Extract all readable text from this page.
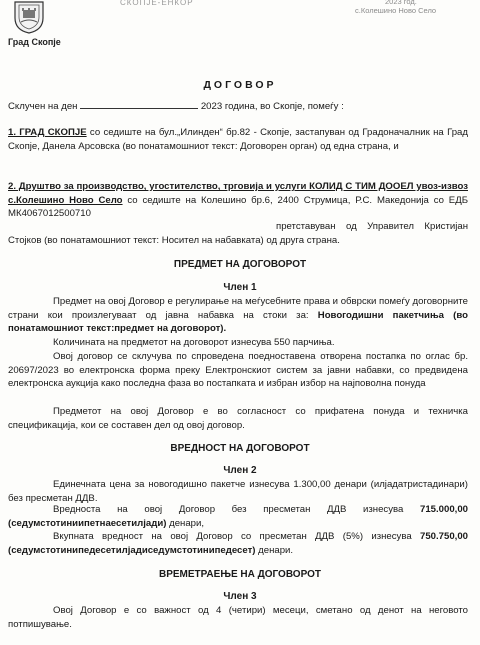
Град Скопје
СКОПЈЕ-ЕНКОР	2023 год.
с.Колешино Ново Село
ДОГОВОР
Склучен на ден	2023 година, во Скопје, помеѓу :
1. ГРАД СКОПЈЕ со седиште на бул.„Илинден“ бр.82 - Скопје, застапуван од Градоначалник на Град Скопје, Данела Арсовска (во понатамошниот текст: Договорен орган) од една страна, и
2. Друштво за производство, угостителство, трговија и услуги КОЛИД С ТИМ ДООЕЛ увоз-извоз с.Колешино Ново Село со седиште на Колешино бр.6, 2400 Струмица, Р.С. Македонија со ЕДБ МК4067012500710
претставуван од Управител Кристијан Стојков (во понатамошниот текст: Носител на набавката) од друга страна.
ПРЕДМЕТ НА ДОГОВОРОТ
Член 1
Предмет на овој Договор е регулирање на меѓусебните права и обврски помеѓу договорните страни кои произлегуваат од јавна набавка на стоки за: Новогодишни пакетчиња (во понатамошниот текст:предмет на договорот).
Количината на предметот на договорот изнесува 550 парчиња.
Овој договор се склучува по спроведена поедноставена отворена постапка по оглас бр. 20697/2023 во електронска форма преку Електронскиот систем за јавни набавки, со предвидена електронска аукција како последна фаза во постапката и избран избор на најповолна понуда
Предметот на овој Договор е во согласност со прифатена понуда и техничка спецификација, кои се составен дел од овој договор.
ВРЕДНОСТ НА ДОГОВОРОТ
Член 2
Единечната цена за новогодишно пакетче изнесува 1.300,00 денари (илјадатристадинари) без пресметан ДДВ.
Вредноста на овој Договор без пресметан ДДВ изнесува 715.000,00 (седумстотиниипетнаесетилјади) денари,
Вкупната вредност на овој Договор со пресметан ДДВ (5%) изнесува 750.750,00 (седумстотинипедесетилјадиседумстотинипедесет) денари.
ВРЕМЕТРАЕЊЕ НА ДОГОВОРОТ
Член 3
Овој Договор е со важност од 4 (четири) месеци, сметано од денот на неговото потпишување.
